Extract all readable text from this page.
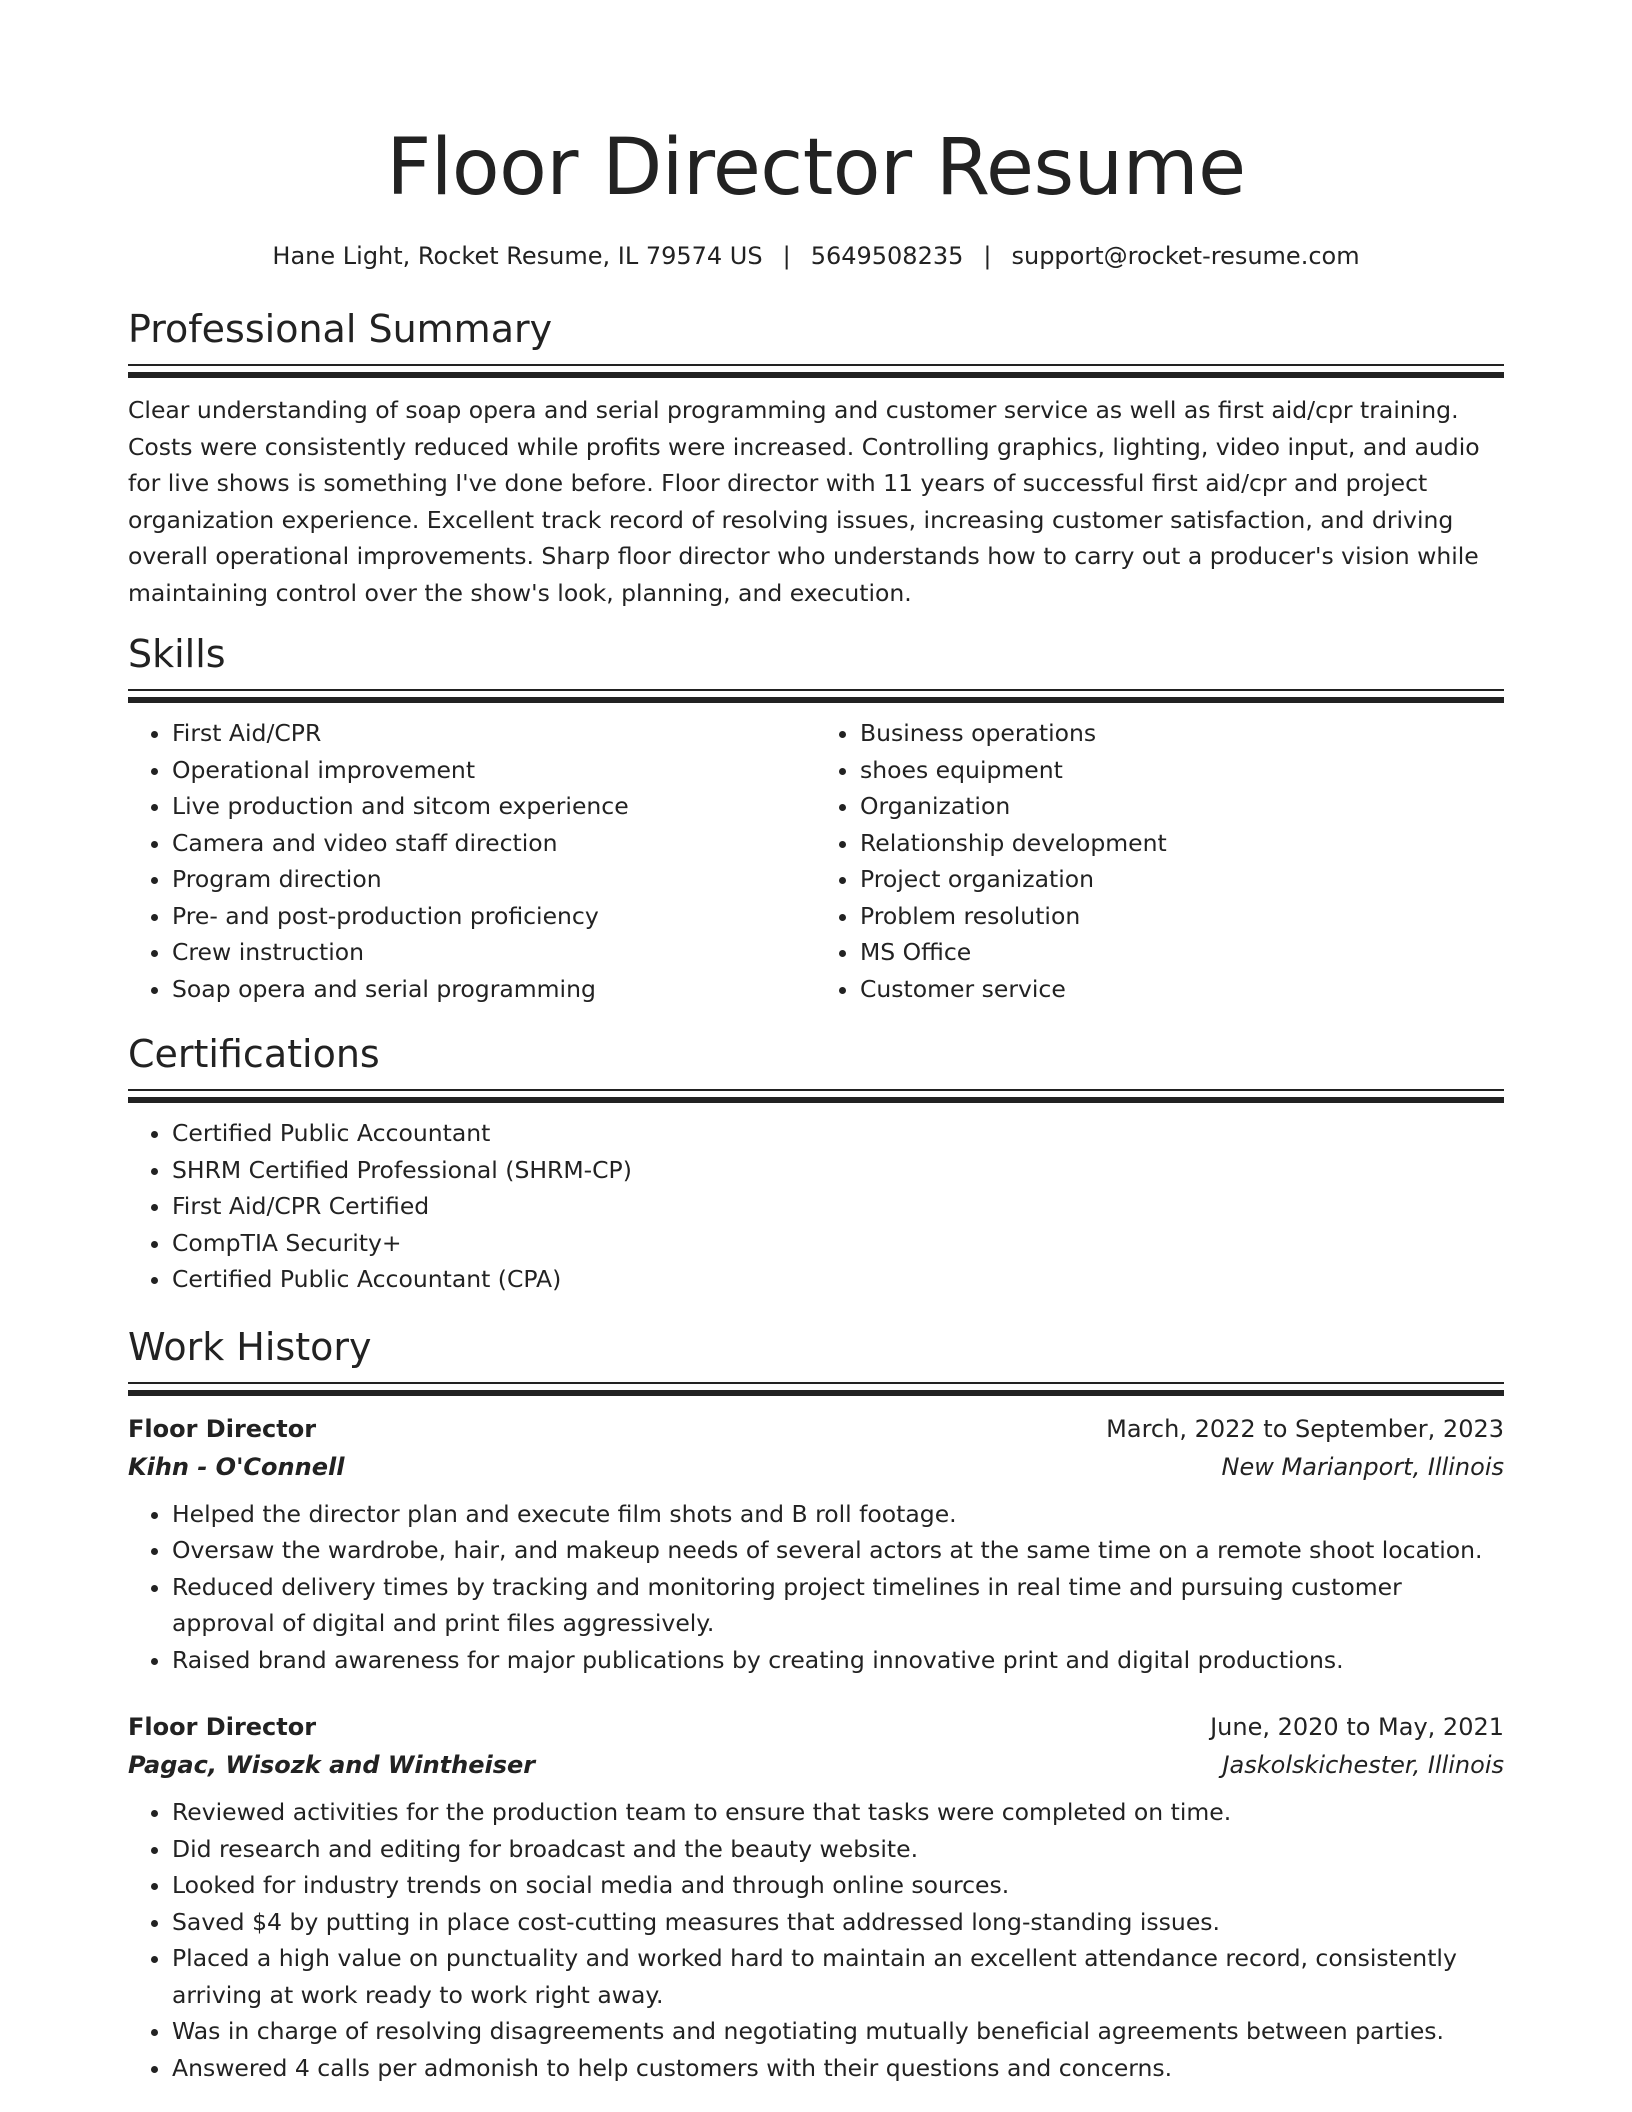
Floor Director Resume
Hane Light, Rocket Resume, IL 79574 US | 5649508235 | support@rocket-resume.com
Professional Summary

Clear understanding of soap opera and serial programming and customer service as well as first aid/cpr training. Costs were consistently reduced while profits were increased. Controlling graphics, lighting, video input, and audio for live shows is something I've done before. Floor director with 11 years of successful first aid/cpr and project organization experience. Excellent track record of resolving issues, increasing customer satisfaction, and driving overall operational improvements. Sharp floor director who understands how to carry out a producer's vision while maintaining control over the show's look, planning, and execution.

Skills
• First Aid/CPR
• Operational improvement
• Live production and sitcom experience
• Camera and video staff direction
• Program direction
• Pre- and post-production proficiency
• Crew instruction
• Soap opera and serial programming
• Business operations
• shoes equipment
• Organization
• Relationship development
• Project organization
• Problem resolution
• MS Office
• Customer service
Certifications
• Certified Public Accountant
• SHRM Certified Professional (SHRM-CP)
• First Aid/CPR Certified
• CompTIA Security+
• Certified Public Accountant (CPA)
Work History
Floor Director	March, 2022 to September, 2023
Kihn - O'Connell	New Marianport, Illinois
• Helped the director plan and execute film shots and B roll footage.
• Oversaw the wardrobe, hair, and makeup needs of several actors at the same time on a remote shoot location.
• Reduced delivery times by tracking and monitoring project timelines in real time and pursuing customer approval of digital and print files aggressively.
• Raised brand awareness for major publications by creating innovative print and digital productions.
Floor Director	June, 2020 to May, 2021
Pagac, Wisozk and Wintheiser	Jaskolskichester, Illinois
• Reviewed activities for the production team to ensure that tasks were completed on time.
• Did research and editing for broadcast and the beauty website.
• Looked for industry trends on social media and through online sources.
• Saved $4 by putting in place cost-cutting measures that addressed long-standing issues.
• Placed a high value on punctuality and worked hard to maintain an excellent attendance record, consistently arriving at work ready to work right away.
• Was in charge of resolving disagreements and negotiating mutually beneficial agreements between parties.
• Answered 4 calls per admonish to help customers with their questions and concerns.
